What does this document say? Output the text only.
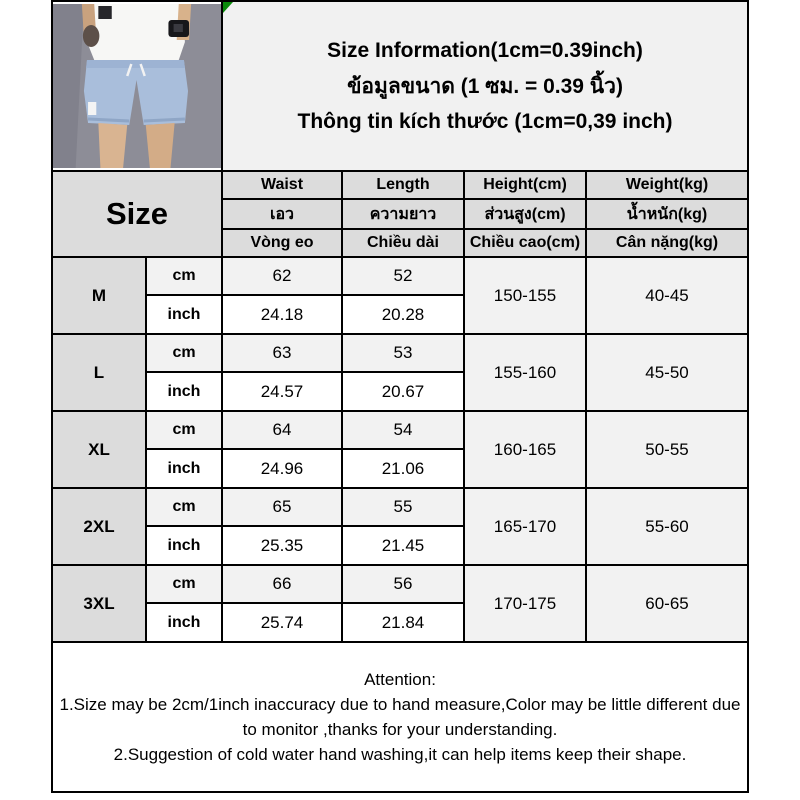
Size Information(1cm=0.39inch)
ข้อมูลขนาด (1 ซม. = 0.39 นิ้ว)
Thông tin kích thước (1cm=0,39 inch)			

Size		Waist	Length	Height(cm)	Weight(kg)
		เอว	ความยาว	ส่วนสูง(cm)	น้ำหนัก(kg)
		Vòng eo	Chiều dài	Chiều cao(cm)	Cân nặng(kg)
M	cm	62	52	150-155	40-45
	inch	24.18	20.28		
L	cm	63	53	155-160	45-50
	inch	24.57	20.67		
XL	cm	64	54	160-165	50-55
	inch	24.96	21.06		
2XL	cm	65	55	165-170	55-60
	inch	25.35	21.45		
3XL	cm	66	56	170-175	60-65
	inch	25.74	21.84		

Attention:
1.Size may be 2cm/1inch inaccuracy due to hand measure,Color may be little different due to monitor ,thanks for your understanding.
2.Suggestion of cold water hand washing,it can help items keep their shape.					
